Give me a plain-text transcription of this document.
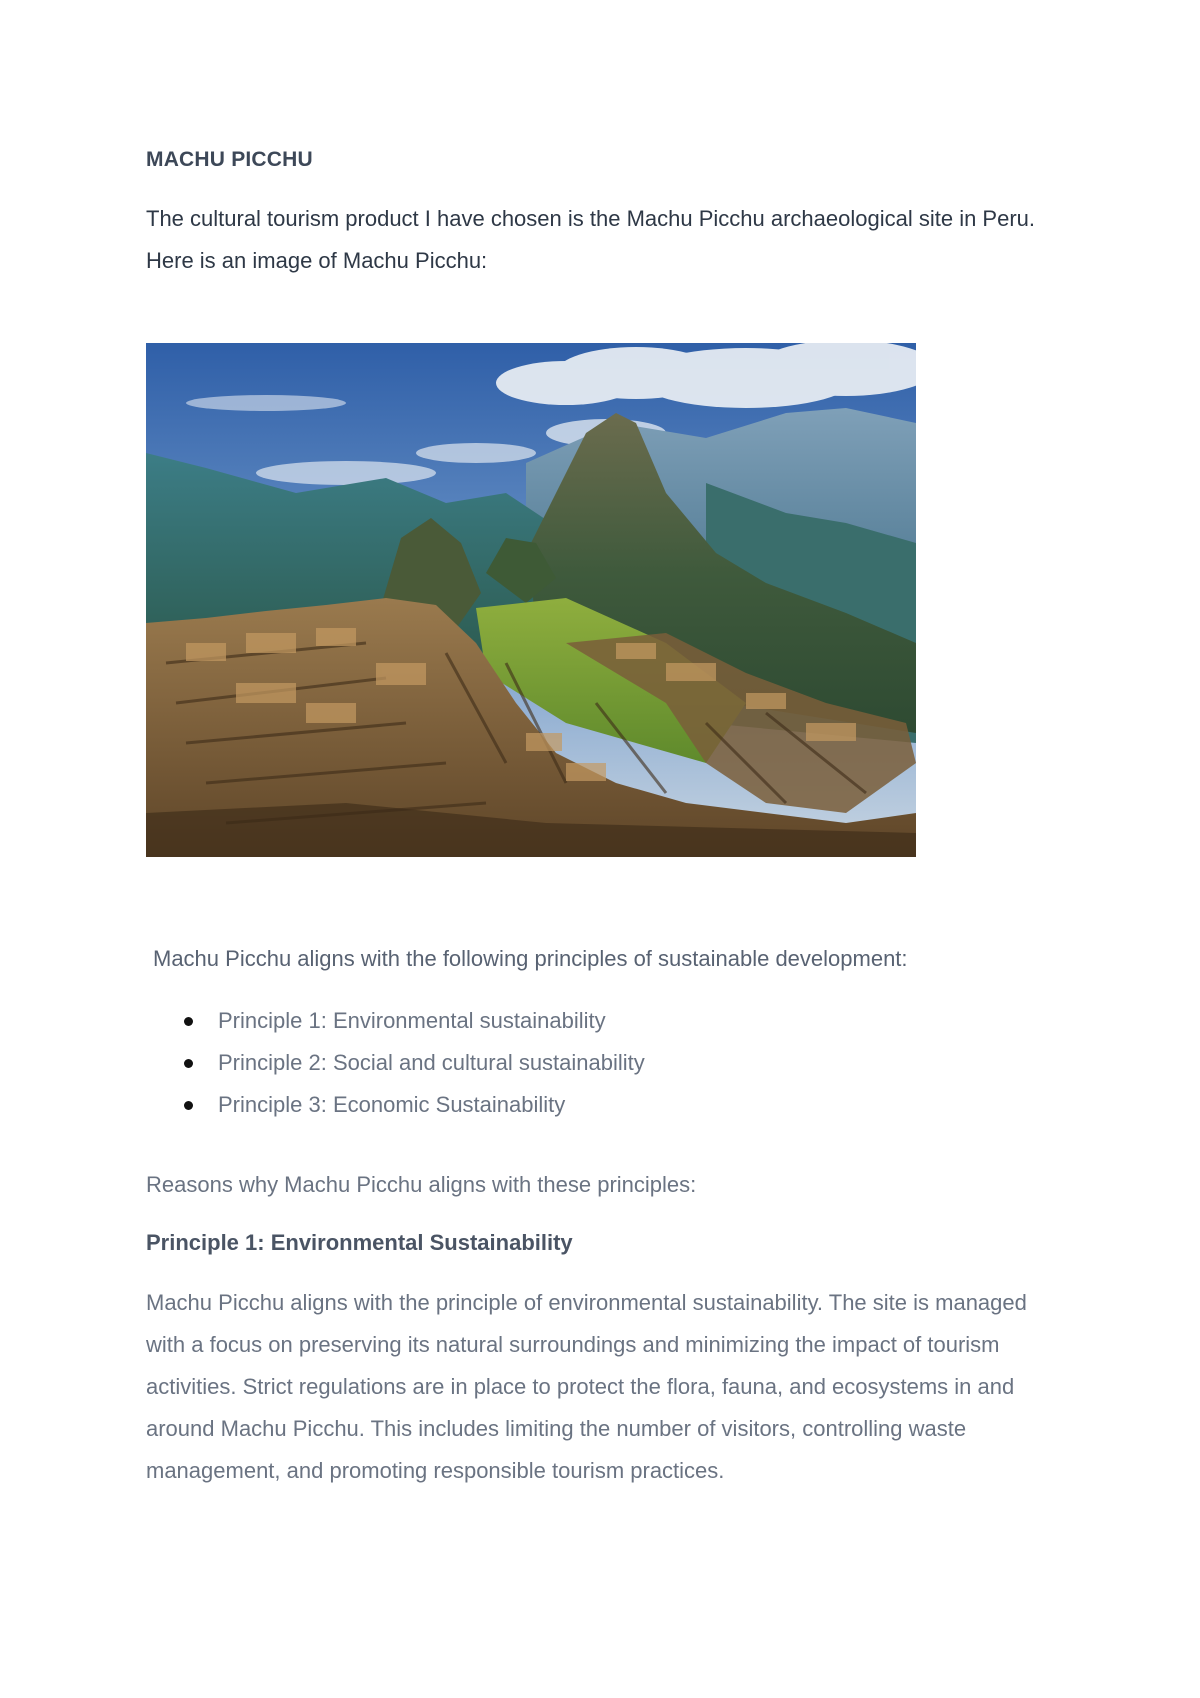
MACHU PICCHU

The cultural tourism product I have chosen is the Machu Picchu archaeological site in Peru. Here is an image of Machu Picchu:

Machu Picchu aligns with the following principles of sustainable development:

Principle 1: Environmental sustainability
Principle 2: Social and cultural sustainability
Principle 3: Economic Sustainability

Reasons why Machu Picchu aligns with these principles:

Principle 1: Environmental Sustainability

Machu Picchu aligns with the principle of environmental sustainability. The site is managed with a focus on preserving its natural surroundings and minimizing the impact of tourism activities. Strict regulations are in place to protect the flora, fauna, and ecosystems in and around Machu Picchu. This includes limiting the number of visitors, controlling waste management, and promoting responsible tourism practices.
